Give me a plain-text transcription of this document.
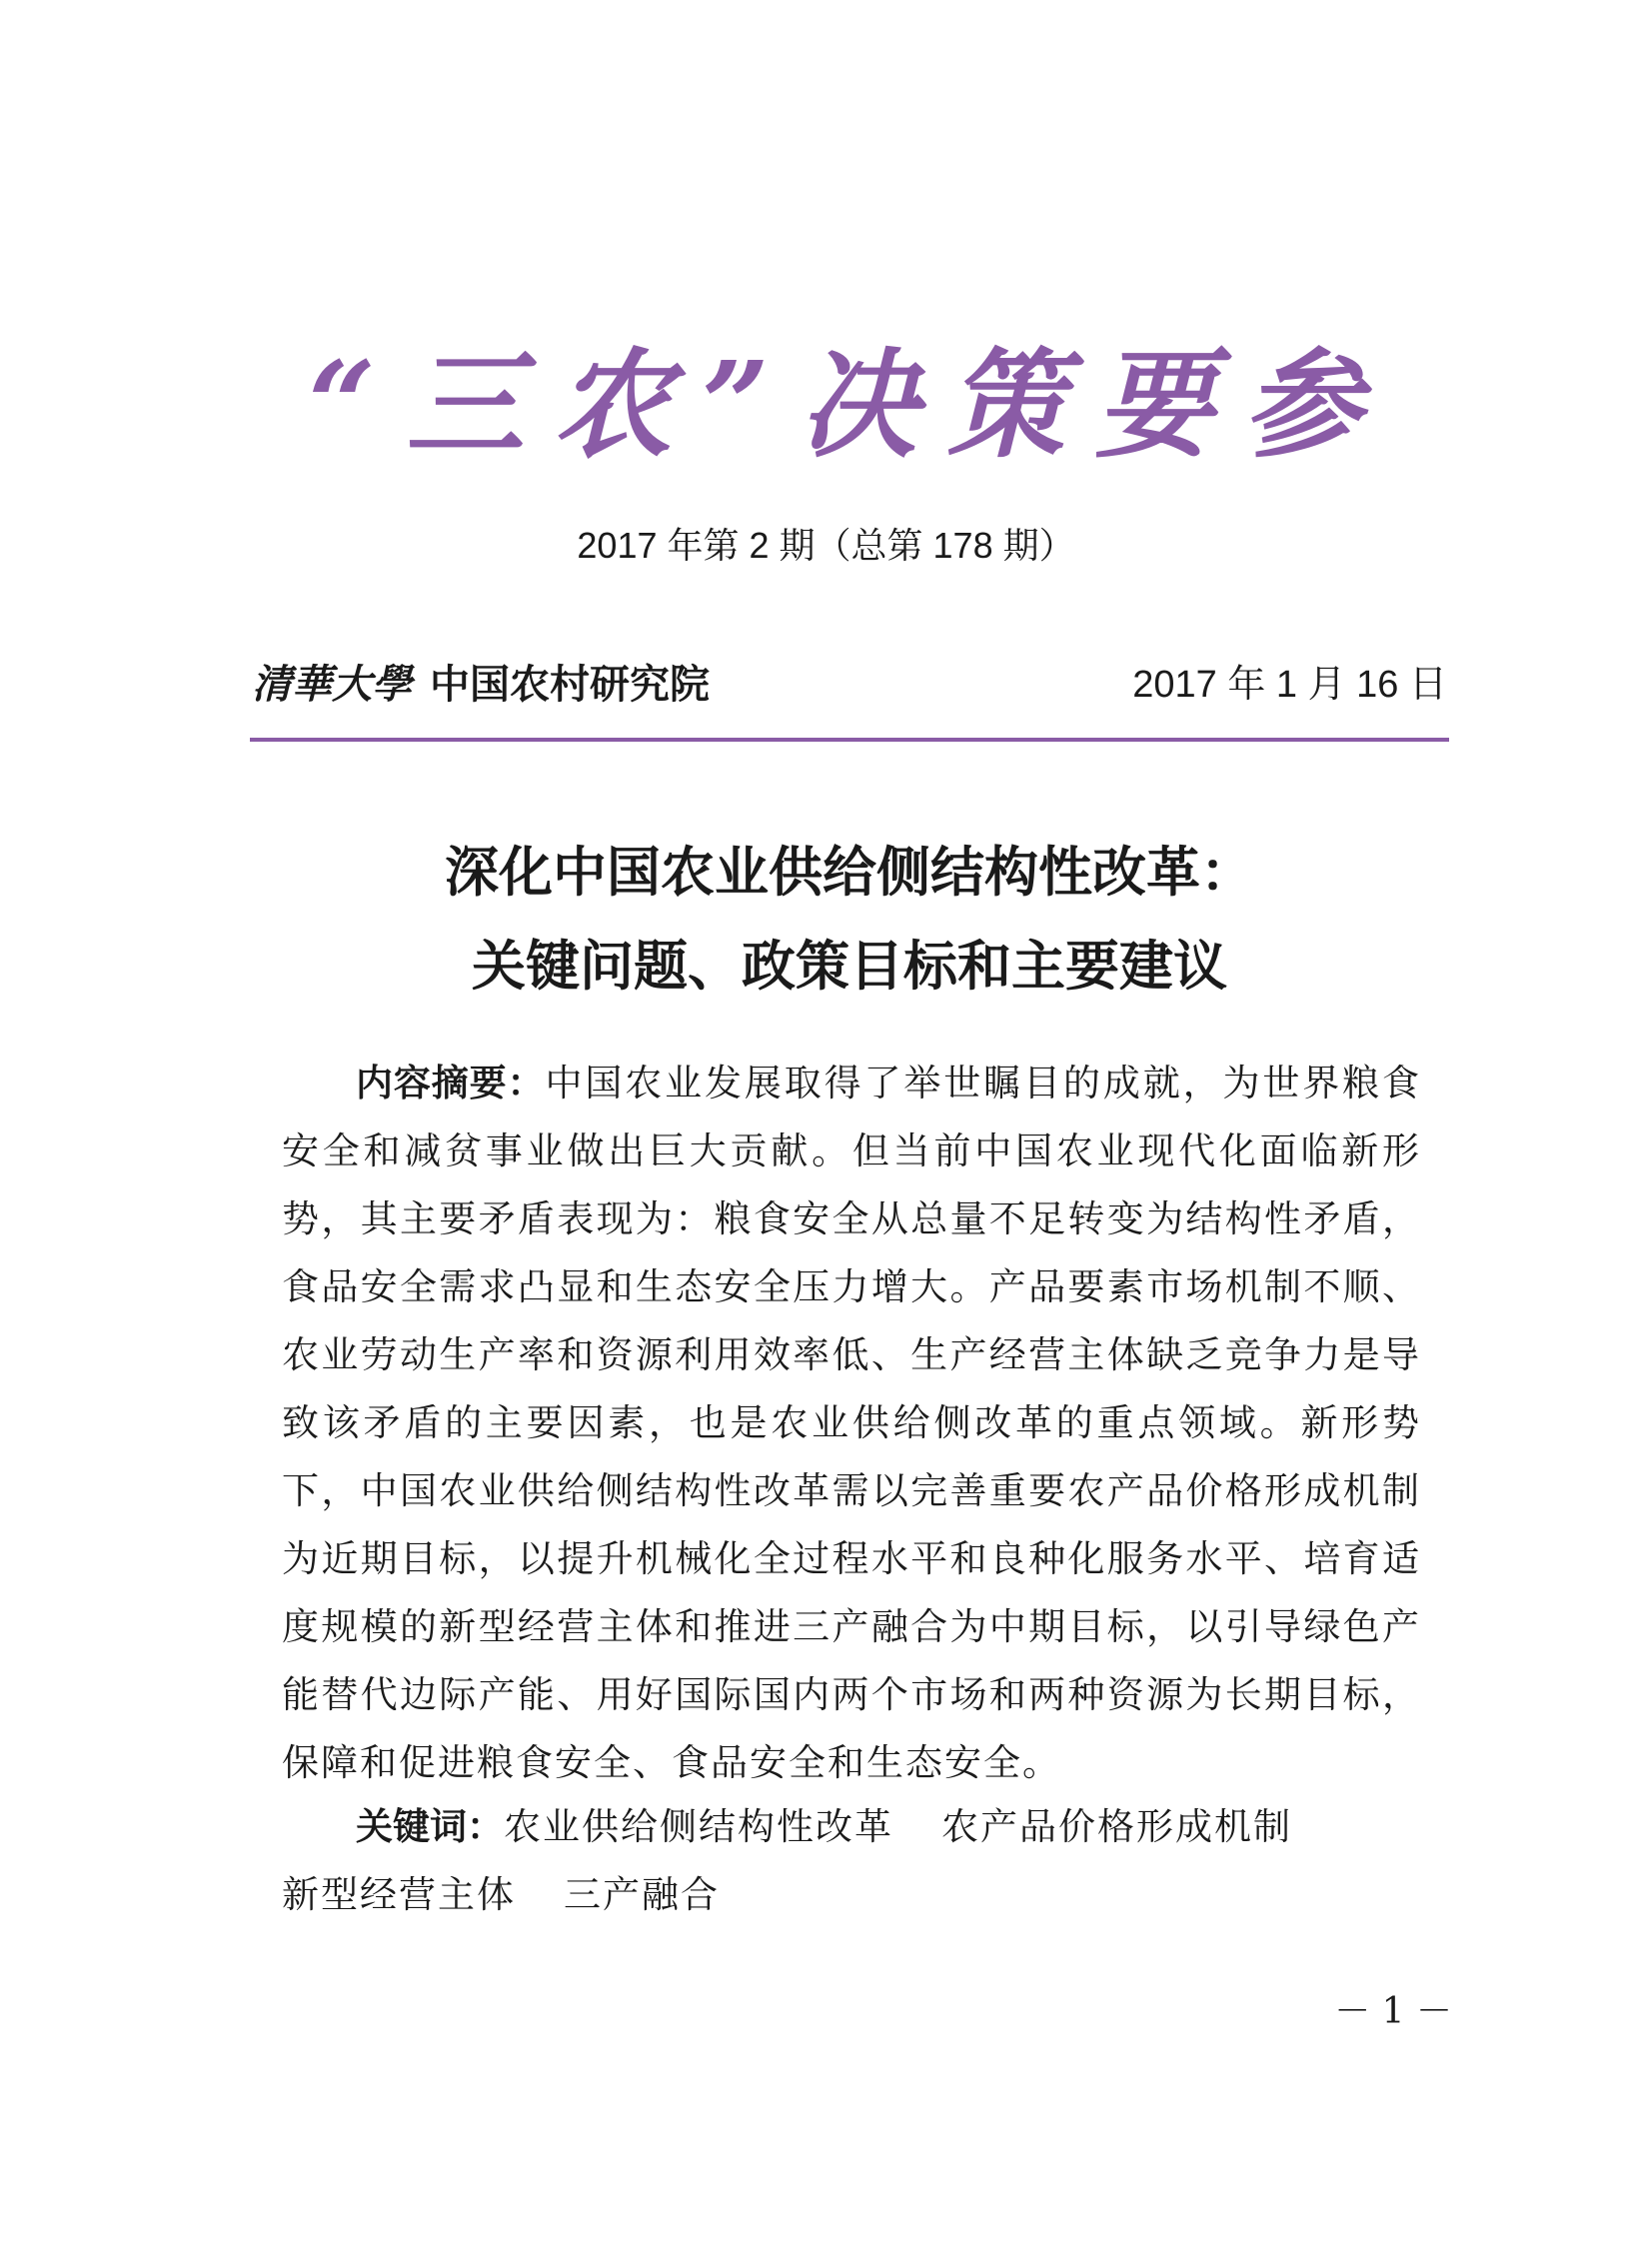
“三农”决策要参
2017 年第 2 期（总第 178 期）
清華大學 中国农村研究院	2017 年 1 月 16 日
深化中国农业供给侧结构性改革：
关键问题、政策目标和主要建议
内容摘要：中国农业发展取得了举世瞩目的成就，为世界粮食安全和减贫事业做出巨大贡献。但当前中国农业现代化面临新形势，其主要矛盾表现为：粮食安全从总量不足转变为结构性矛盾，食品安全需求凸显和生态安全压力增大。产品要素市场机制不顺、农业劳动生产率和资源利用效率低、生产经营主体缺乏竞争力是导致该矛盾的主要因素，也是农业供给侧改革的重点领域。新形势下，中国农业供给侧结构性改革需以完善重要农产品价格形成机制为近期目标，以提升机械化全过程水平和良种化服务水平、培育适度规模的新型经营主体和推进三产融合为中期目标，以引导绿色产能替代边际产能、用好国际国内两个市场和两种资源为长期目标，保障和促进粮食安全、食品安全和生态安全。
关键词：农业供给侧结构性改革 农产品价格形成机制新型经营主体 三产融合
－ 1 －
